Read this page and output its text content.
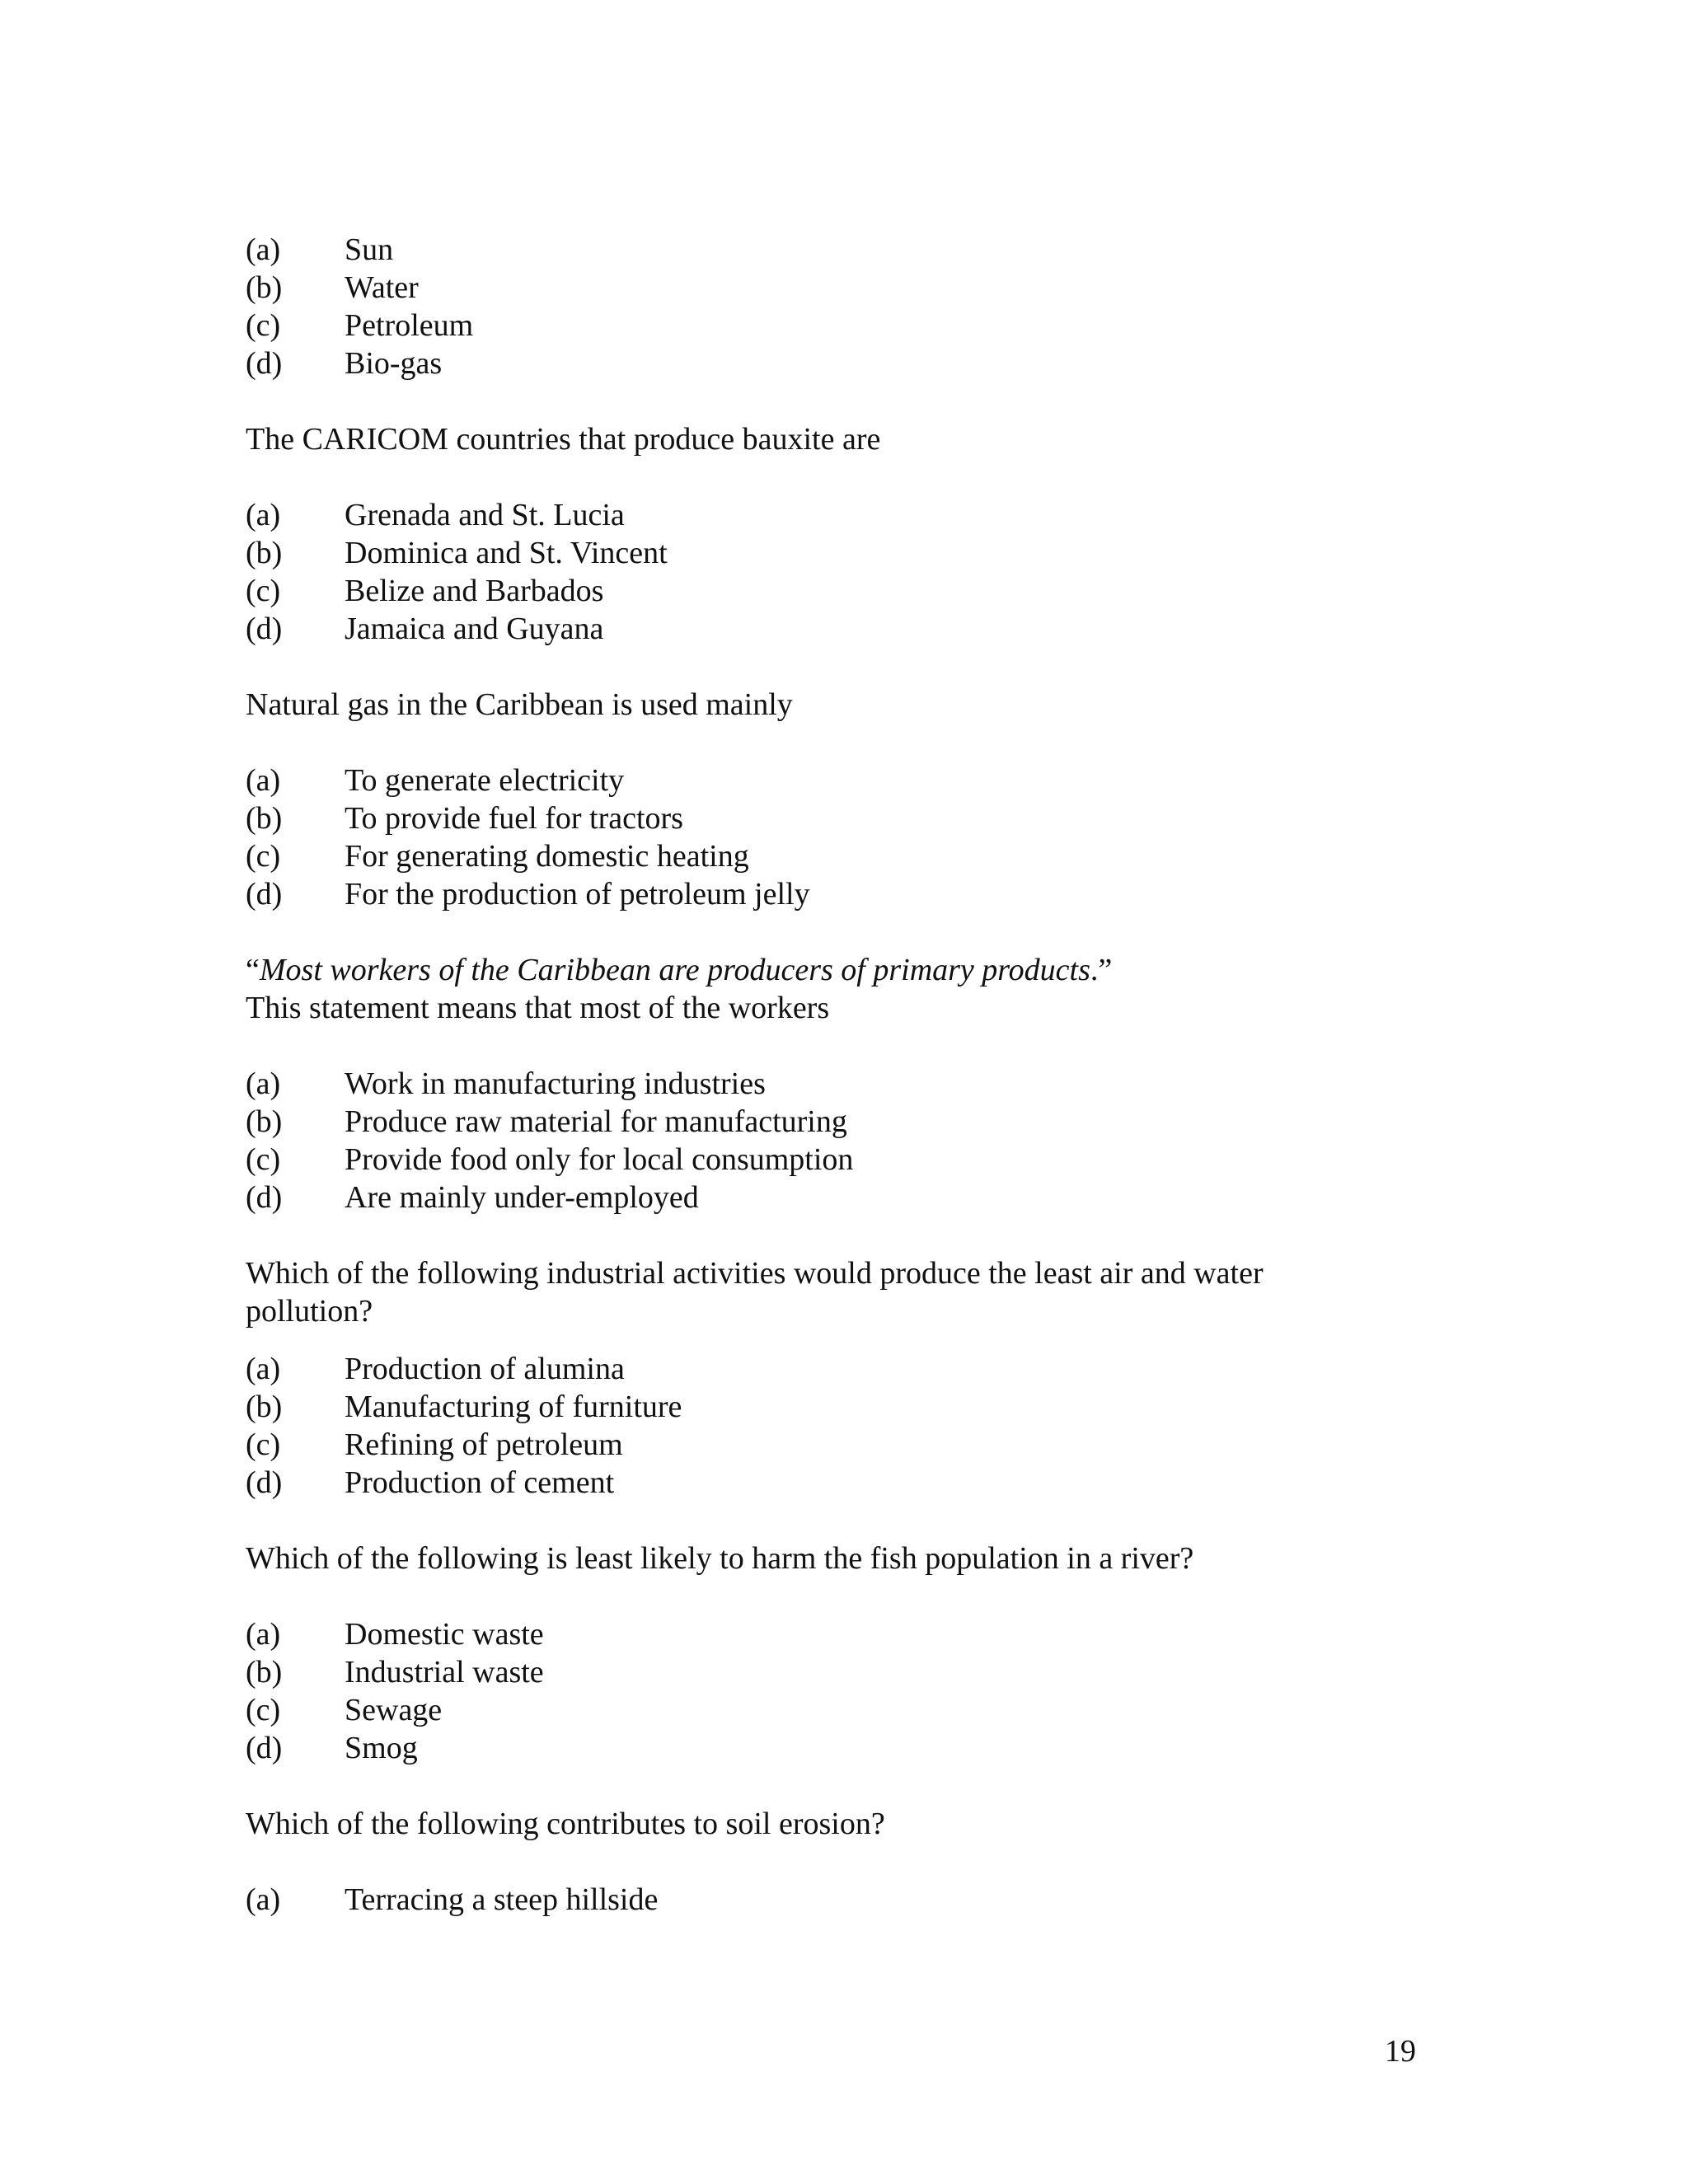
(a)	Sun
(b)	Water
(c)	Petroleum
(d)	Bio-gas
The CARICOM countries that produce bauxite are
(a)	Grenada and St. Lucia
(b)	Dominica and St. Vincent
(c)	Belize and Barbados
(d)	Jamaica and Guyana
Natural gas in the Caribbean is used mainly
(a)	To generate electricity
(b)	To provide fuel for tractors
(c)	For generating domestic heating
(d)	For the production of petroleum jelly
“Most workers of the Caribbean are producers of primary products.”
This statement means that most of the workers
(a)	Work in manufacturing industries
(b)	Produce raw material for manufacturing
(c)	Provide food only for local consumption
(d)	Are mainly under-employed
Which of the following industrial activities would produce the least air and water pollution?
(a)	Production of alumina
(b)	Manufacturing of furniture
(c)	Refining of petroleum
(d)	Production of cement
Which of the following is least likely to harm the fish population in a river?
(a)	Domestic waste
(b)	Industrial waste
(c)	Sewage
(d)	Smog
Which of the following contributes to soil erosion?
(a)	Terracing a steep hillside
19
